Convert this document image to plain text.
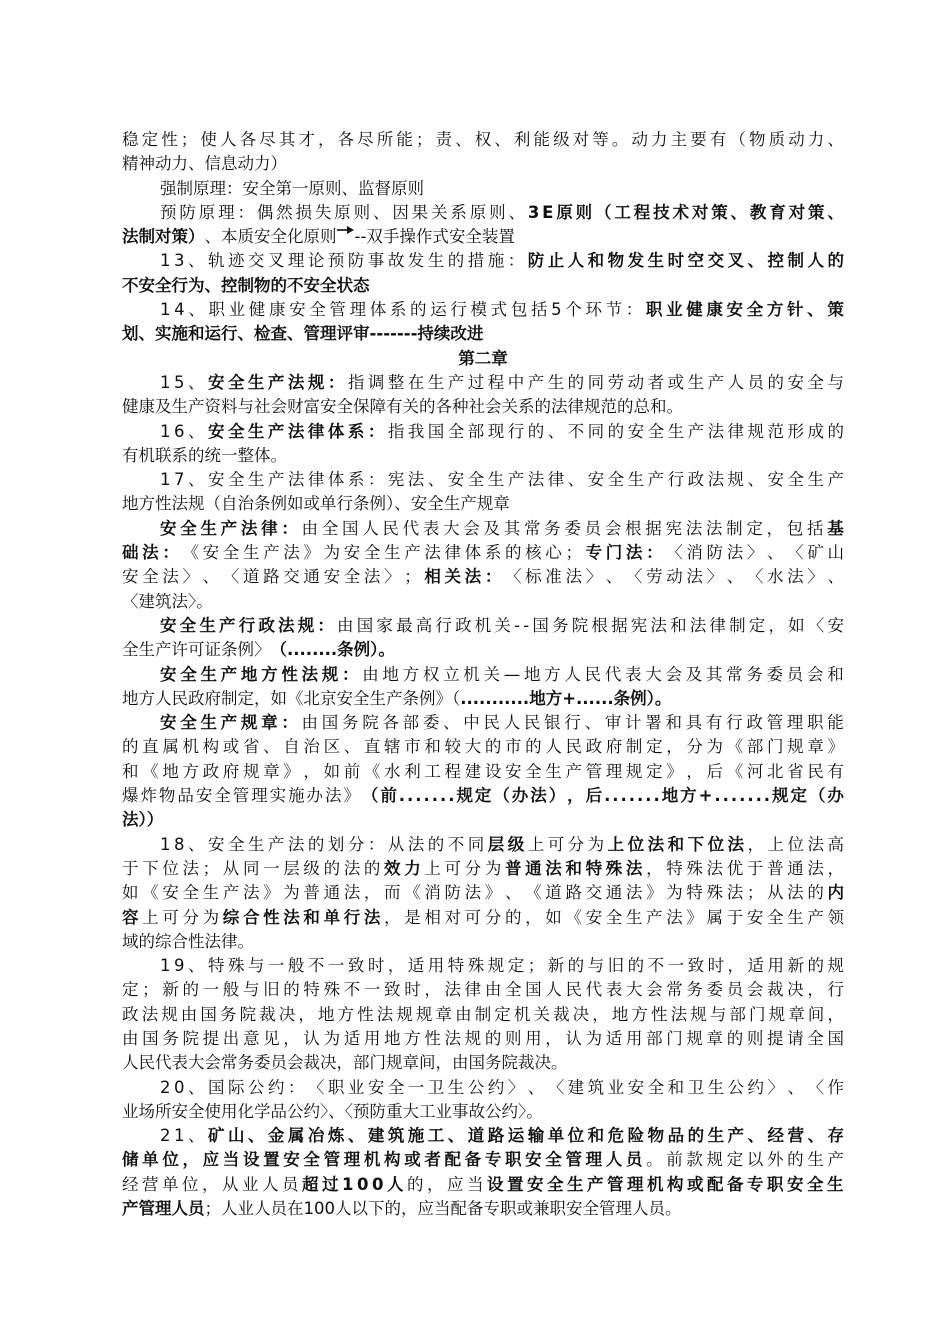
稳 定 性 ； 使 人 各 尽 其 才 ， 各 尽 所 能 ； 责 、 权 、 利 能 级 对 等 。 动 力 主 要 有 （ 物 质 动 力 、
精神动力、信息动力）
强制原理：安全第一原则、监督原则
预 防 原 理 ： 偶 然 损 失 原 则 、 因 果 关 系 原 则 、 3 E 原 则 （ 工 程 技 术 对 策 、 教 育 对 策 、
法制对策） 、本质安全化原则 --双手操作式安全装置
1 3 、 轨 迹 交 叉 理 论 预 防 事 故 发 生 的 措 施 ： 防 止 人 和 物 发 生 时 空 交 叉 、 控 制 人 的
不安全行为、控制物的不安全状态
1 4 、 职 业 健 康 安 全 管 理 体 系 的 运 行 模 式 包 括 5 个 环 节 ： 职 业 健 康 安 全 方 针 、 策
划、实施和运行、检查、管理评审-------持续改进
第二章
1 5 、 安 全 生 产 法 规 ： 指 调 整 在 生 产 过 程 中 产 生 的 同 劳 动 者 或 生 产 人 员 的 安 全 与
健康及生产资料与社会财富安全保障有关的各种社会关系的法律规范的总和。
1 6 、 安 全 生 产 法 律 体 系 ： 指 我 国 全 部 现 行 的 、 不 同 的 安 全 生 产 法 律 规 范 形 成 的
有机联系的统一整体。
1 7 、 安 全 生 产 法 律 体 系 ： 宪 法 、 安 全 生 产 法 律 、 安 全 生 产 行 政 法 规 、 安 全 生 产
地方性法规（自治条例如或单行条例）、安全生产规章
安 全 生 产 法 律 ： 由 全 国 人 民 代 表 大 会 及 其 常 务 委 员 会 根 据 宪 法 法 制 定 ， 包 括 基
础 法 ： 《 安 全 生 产 法 》 为 安 全 生 产 法 律 体 系 的 核 心 ； 专 门 法 ： 〈 消 防 法 〉 、 〈 矿 山
安 全 法 〉 、 〈 道 路 交 通 安 全 法 〉 ； 相 关 法 ： 〈 标 准 法 〉 、 〈 劳 动 法 〉 、 〈 水 法 〉 、
〈建筑法〉。
安 全 生 产 行 政 法 规 ： 由 国 家 最 高 行 政 机 关 - - 国 务 院 根 据 宪 法 和 法 律 制 定 ， 如 〈 安
全生产许可证条例〉 （........条例）。
安 全 生 产 地 方 性 法 规 ： 由 地 方 权 立 机 关 — 地 方 人 民 代 表 大 会 及 其 常 务 委 员 会 和
地方人民政府制定，如《北京安全生产条例》（ ...........地方+......条例）。
安 全 生 产 规 章 ： 由 国 务 院 各 部 委 、 中 民 人 民 银 行 、 审 计 署 和 具 有 行 政 管 理 职 能
的 直 属 机 构 或 省 、 自 治 区 、 直 辖 市 和 较 大 的 市 的 人 民 政 府 制 定 ， 分 为 《 部 门 规 章 》
和 《 地 方 政 府 规 章 》 ， 如 前 《 水 利 工 程 建 设 安 全 生 产 管 理 规 定 》 ， 后 《 河 北 省 民 有
爆 炸 物 品 安 全 管 理 实 施 办 法 》 （ 前 . . . . . . . 规 定 （ 办 法 ） ， 后 . . . . . . . 地 方 + . . . . . . . 规 定 （ 办
法））
1 8 、 安 全 生 产 法 的 划 分 ： 从 法 的 不 同 层 级 上 可 分 为 上 位 法 和 下 位 法 ， 上 位 法 高
于 下 位 法 ； 从 同 一 层 级 的 法 的 效 力 上 可 分 为 普 通 法 和 特 殊 法 ， 特 殊 法 优 于 普 通 法 ，
如 《 安 全 生 产 法 》 为 普 通 法 ， 而 《 消 防 法 》 、 《 道 路 交 通 法 》 为 特 殊 法 ； 从 法 的 内
容 上 可 分 为 综 合 性 法 和 单 行 法 ， 是 相 对 可 分 的 ， 如 《 安 全 生 产 法 》 属 于 安 全 生 产 领
域的综合性法律。
1 9 、 特 殊 与 一 般 不 一 致 时 ， 适 用 特 殊 规 定 ； 新 的 与 旧 的 不 一 致 时 ， 适 用 新 的 规
定 ； 新 的 一 般 与 旧 的 特 殊 不 一 致 时 ， 法 律 由 全 国 人 民 代 表 大 会 常 务 委 员 会 裁 决 ， 行
政 法 规 由 国 务 院 裁 决 ， 地 方 性 法 规 规 章 由 制 定 机 关 裁 决 ， 地 方 性 法 规 与 部 门 规 章 间 ，
由 国 务 院 提 出 意 见 ， 认 为 适 用 地 方 性 法 规 的 则 用 ， 认 为 适 用 部 门 规 章 的 则 提 请 全 国
人民代表大会常务委员会裁决，部门规章间，由国务院裁决。
2 0 、 国 际 公 约 ： 〈 职 业 安 全 一 卫 生 公 约 〉 、 〈 建 筑 业 安 全 和 卫 生 公 约 〉 、 〈 作
业场所安全使用化学品公约〉、〈预防重大工业事故公约〉。
2 1 、 矿 山 、 金 属 冶 炼 、 建 筑 施 工 、 道 路 运 输 单 位 和 危 险 物 品 的 生 产 、 经 营 、 存
储 单 位 ， 应 当 设 置 安 全 管 理 机 构 或 者 配 备 专 职 安 全 管 理 人 员 。 前 款 规 定 以 外 的 生 产
经 营 单 位 ， 从 业 人 员 超 过 1 0 0 人 的 ， 应 当 设 置 安 全 生 产 管 理 机 构 或 配 备 专 职 安 全 生
产管理人员 ；人业人员在100人以下的，应当配备专职或兼职安全管理人员。
